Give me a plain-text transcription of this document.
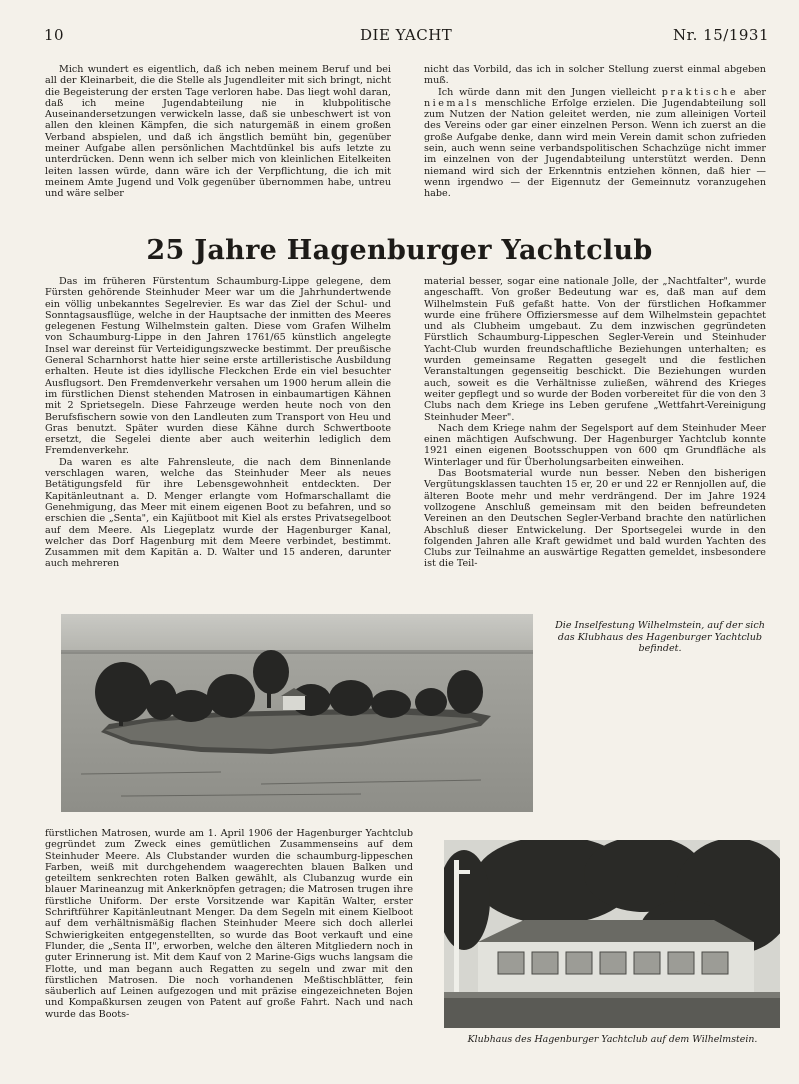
10	DIE YACHT	Nr. 15/1931

Mich wundert es eigentlich, daß ich neben meinem Beruf und bei all der Kleinarbeit, die die Stelle als Jugendleiter mit sich bringt, nicht die Begeisterung der ersten Tage verloren habe. Das liegt wohl daran, daß ich meine Jugendabteilung nie in klubpolitische Auseinandersetzungen verwickeln lasse, daß sie unbeschwert ist von allen den kleinen Kämpfen, die sich naturgemäß in einem großen Verband abspielen, und daß ich ängstlich bemüht bin, gegenüber meiner Aufgabe allen persönlichen Machtdünkel bis aufs letzte zu unterdrücken. Denn wenn ich selber mich von kleinlichen Eitelkeiten leiten lassen würde, dann wäre ich der Verpflichtung, die ich mit meinem Amte Jugend und Volk gegenüber übernommen habe, untreu und wäre selber

nicht das Vorbild, das ich in solcher Stellung zuerst einmal abgeben muß.

Ich würde dann mit den Jungen vielleicht praktische aber niemals menschliche Erfolge erzielen. Die Jugendabteilung soll zum Nutzen der Nation geleitet werden, nie zum alleinigen Vorteil des Vereins oder gar einer einzelnen Person. Wenn ich zuerst an die große Aufgabe denke, dann wird mein Verein damit schon zufrieden sein, auch wenn seine verbandspolitischen Schachzüge nicht immer im einzelnen von der Jugendabteilung unterstützt werden. Denn niemand wird sich der Erkenntnis entziehen können, daß hier — wenn irgendwo — der Eigennutz der Gemeinnutz voranzugehen habe.

25 Jahre Hagenburger Yachtclub

Das im früheren Fürstentum Schaumburg-Lippe gelegene, dem Fürsten gehörende Steinhuder Meer war um die Jahrhundertwende ein völlig unbekanntes Segelrevier. Es war das Ziel der Schul- und Sonntagsausflüge, welche in der Hauptsache der inmitten des Meeres gelegenen Festung Wilhelmstein galten. Diese vom Grafen Wilhelm von Schaumburg-Lippe in den Jahren 1761/65 künstlich angelegte Insel war dereinst für Verteidigungszwecke bestimmt. Der preußische General Scharnhorst hatte hier seine erste artilleristische Ausbildung erhalten. Heute ist dies idyllische Fleckchen Erde ein viel besuchter Ausflugsort. Den Fremdenverkehr versahen um 1900 herum allein die im fürstlichen Dienst stehenden Matrosen in einbaumartigen Kähnen mit 2 Sprietsegeln. Diese Fahrzeuge werden heute noch von den Berufsfischern sowie von den Landleuten zum Transport von Heu und Gras benutzt. Später wurden diese Kähne durch Schwertboote ersetzt, die Segelei diente aber auch weiterhin lediglich dem Fremdenverkehr.

Da waren es alte Fahrensleute, die nach dem Binnenlande verschlagen waren, welche das Steinhuder Meer als neues Betätigungsfeld für ihre Lebensgewohnheit entdeckten. Der Kapitänleutnant a. D. Menger erlangte vom Hofmarschallamt die Genehmigung, das Meer mit einem eigenen Boot zu befahren, und so erschien die „Senta", ein Kajütboot mit Kiel als erstes Privatsegelboot auf dem Meere. Als Liegeplatz wurde der Hagenburger Kanal, welcher das Dorf Hagenburg mit dem Meere verbindet, bestimmt. Zusammen mit dem Kapitän a. D. Walter und 15 anderen, darunter auch mehreren

material besser, sogar eine nationale Jolle, der „Nachtfalter", wurde angeschafft. Von großer Bedeutung war es, daß man auf dem Wilhelmstein Fuß gefaßt hatte. Von der fürstlichen Hofkammer wurde eine frühere Offiziersmesse auf dem Wilhelmstein gepachtet und als Clubheim umgebaut. Zu dem inzwischen gegründeten Fürstlich Schaumburg-Lippeschen Segler-Verein und Steinhuder Yacht-Club wurden freundschaftliche Beziehungen unterhalten; es wurden gemeinsame Regatten gesegelt und die festlichen Veranstaltungen gegenseitig beschickt. Die Beziehungen wurden auch, soweit es die Verhältnisse zuließen, während des Krieges weiter gepflegt und so wurde der Boden vorbereitet für die von den 3 Clubs nach dem Kriege ins Leben gerufene „Wettfahrt-Vereinigung Steinhuder Meer".

Nach dem Kriege nahm der Segelsport auf dem Steinhuder Meer einen mächtigen Aufschwung. Der Hagenburger Yachtclub konnte 1921 einen eigenen Bootsschuppen von 600 qm Grundfläche als Winterlager und für Überholungsarbeiten einweihen.

Das Bootsmaterial wurde nun besser. Neben den bisherigen Vergütungsklassen tauchten 15 er, 20 er und 22 er Rennjollen auf, die älteren Boote mehr und mehr verdrängend. Der im Jahre 1924 vollzogene Anschluß gemeinsam mit den beiden befreundeten Vereinen an den Deutschen Segler-Verband brachte den natürlichen Abschluß dieser Entwickelung. Der Sportsegelei wurde in den folgenden Jahren alle Kraft gewidmet und bald wurden Yachten des Clubs zur Teilnahme an auswärtige Regatten gemeldet, insbesondere ist die Teil-

Die Inselfestung Wilhelmstein, auf der sich das Klubhaus des Hagenburger Yachtclub befindet.

fürstlichen Matrosen, wurde am 1. April 1906 der Hagenburger Yachtclub gegründet zum Zweck eines gemütlichen Zusammenseins auf dem Steinhuder Meere. Als Clubstander wurden die schaumburg-lippeschen Farben, weiß mit durchgehendem waagerechten blauen Balken und geteiltem senkrechten roten Balken gewählt, als Clubanzug wurde ein blauer Marineanzug mit Ankerknöpfen getragen; die Matrosen trugen ihre fürstliche Uniform. Der erste Vorsitzende war Kapitän Walter, erster Schriftführer Kapitänleutnant Menger. Da dem Segeln mit einem Kielboot auf dem verhältnismäßig flachen Steinhuder Meere sich doch allerlei Schwierigkeiten entgegenstellten, so wurde das Boot verkauft und eine Flunder, die „Senta II", erworben, welche den älteren Mitgliedern noch in guter Erinnerung ist. Mit dem Kauf von 2 Marine-Gigs wuchs langsam die Flotte, und man begann auch Regatten zu segeln und zwar mit den fürstlichen Matrosen. Die noch vorhandenen Meßtischblätter, fein säuberlich auf Leinen aufgezogen und mit präzise eingezeichneten Bojen und Kompaßkursen zeugen von Patent auf große Fahrt. Nach und nach wurde das Boots-

Klubhaus des Hagenburger Yachtclub auf dem Wilhelmstein.
